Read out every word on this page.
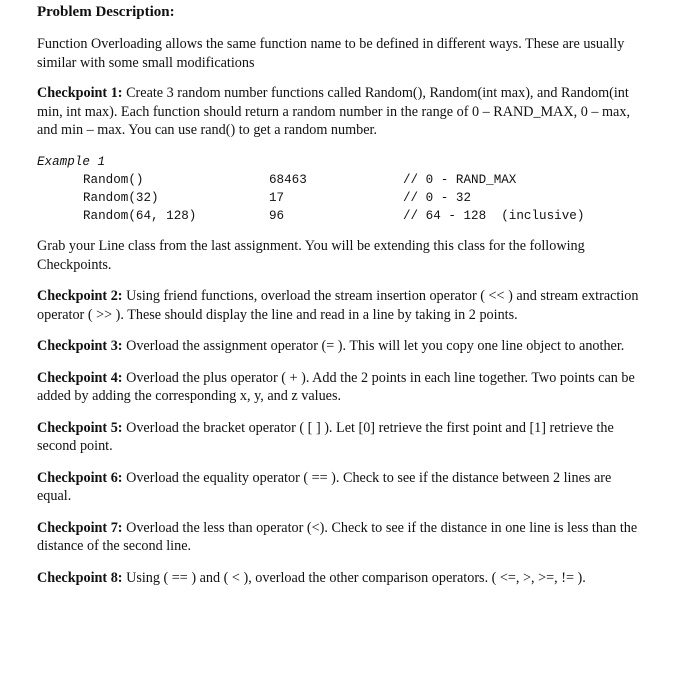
Problem Description:

Function Overloading allows the same function name to be defined in different ways. These are usually similar with some small modifications

Checkpoint 1: Create 3 random number functions called Random(), Random(int max), and Random(int min, int max). Each function should return a random number in the range of 0 – RAND_MAX, 0 – max, and min – max. You can use rand() to get a random number.

Example 1
Random()	68463	// 0 - RAND_MAX
Random(32)	17	// 0 - 32
Random(64, 128)	96	// 64 - 128  (inclusive)

Grab your Line class from the last assignment. You will be extending this class for the following Checkpoints.

Checkpoint 2: Using friend functions, overload the stream insertion operator ( << ) and stream extraction operator ( >> ). These should display the line and read in a line by taking in 2 points.

Checkpoint 3: Overload the assignment operator (= ). This will let you copy one line object to another.

Checkpoint 4: Overload the plus operator ( + ). Add the 2 points in each line together. Two points can be added by adding the corresponding x, y, and z values.

Checkpoint 5: Overload the bracket operator ( [ ] ). Let [0] retrieve the first point and [1] retrieve the second point.

Checkpoint 6: Overload the equality operator ( == ). Check to see if the distance between 2 lines are equal.

Checkpoint 7: Overload the less than operator (<). Check to see if the distance in one line is less than the distance of the second line.

Checkpoint 8: Using ( == ) and ( < ), overload the other comparison operators. ( <=, >, >=, != ).
